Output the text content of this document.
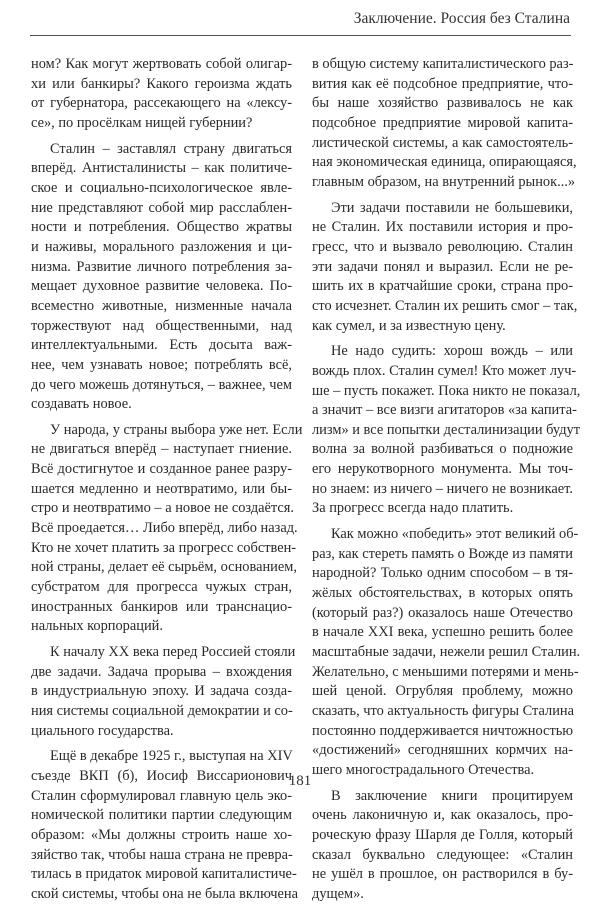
Заключение. Россия без Сталина

ном? Как могут жертвовать собой олигар-
хи или банкиры? Какого героизма ждать
от губернатора, рассекающего на «лексу-
се», по просёлкам нищей губернии?

Сталин – заставлял страну двигаться
вперёд. Антисталинисты – как политиче-
ское и социально-психологическое явле-
ние представляют собой мир расслаблен-
ности и потребления. Общество жратвы
и наживы, морального разложения и ци-
низма. Развитие личного потребления за-
мещает духовное развитие человека. По-
всеместно животные, низменные начала
торжествуют над общественными, над
интеллектуальными. Есть досыта важ-
нее, чем узнавать новое; потреблять всё,
до чего можешь дотянуться, – важнее, чем
создавать новое.

У народа, у страны выбора уже нет. Если
не двигаться вперёд – наступает гниение.
Всё достигнутое и созданное ранее разру-
шается медленно и неотвратимо, или бы-
стро и неотвратимо – а новое не создаётся.
Всё проедается… Либо вперёд, либо назад.
Кто не хочет платить за прогресс собствен-
ной страны, делает её сырьём, основанием,
субстратом для прогресса чужых стран,
иностранных банкиров или транснацио-
нальных корпораций.

К началу XX века перед Россией стояли
две задачи. Задача прорыва – вхождения
в индустриальную эпоху. И задача созда-
ния системы социальной демократии и со-
циального государства.

Ещё в декабре 1925 г., выступая на XIV
съезде ВКП (б), Иосиф Виссарионович
Сталин сформулировал главную цель эко-
номической политики партии следующим
образом: «Мы должны строить наше хо-
зяйство так, чтобы наша страна не превра-
тилась в придаток мировой капиталистиче-
ской системы, чтобы она не была включена

в общую систему капиталистического раз-
вития как её подсобное предприятие, что-
бы наше хозяйство развивалось не как
подсобное предприятие мировой капита-
листической системы, а как самостоятель-
ная экономическая единица, опирающаяся,
главным образом, на внутренний рынок...»

Эти задачи поставили не большевики,
не Сталин. Их поставили история и про-
гресс, что и вызвало революцию. Сталин
эти задачи понял и выразил. Если не ре-
шить их в кратчайшие сроки, страна про-
сто исчезнет. Сталин их решить смог – так,
как сумел, и за известную цену.

Не надо судить: хорош вождь – или
вождь плох. Сталин сумел! Кто может луч-
ше – пусть покажет. Пока никто не показал,
а значит – все визги агитаторов «за капита-
лизм» и все попытки десталинизации будут
волна за волной разбиваться о подножие
его нерукотворного монумента. Мы точ-
но знаем: из ничего – ничего не возникает.
За прогресс всегда надо платить.

Как можно «победить» этот великий об-
раз, как стереть память о Вожде из памяти
народной? Только одним способом – в тя-
жёлых обстоятельствах, в которых опять
(который раз?) оказалось наше Отечество
в начале XXI века, успешно решить более
масштабные задачи, нежели решил Сталин.
Желательно, с меньшими потерями и мень-
шей ценой. Огрубляя проблему, можно
сказать, что актуальность фигуры Сталина
постоянно поддерживается ничтожностью
«достижений» сегодняшних кормчих на-
шего многострадального Отечества.

В заключение книги процитируем
очень лаконичную и, как оказалось, про-
роческую фразу Шарля де Голля, который
сказал буквально следующее: «Сталин
не ушёл в прошлое, он растворился в бу-
дущем».

181
